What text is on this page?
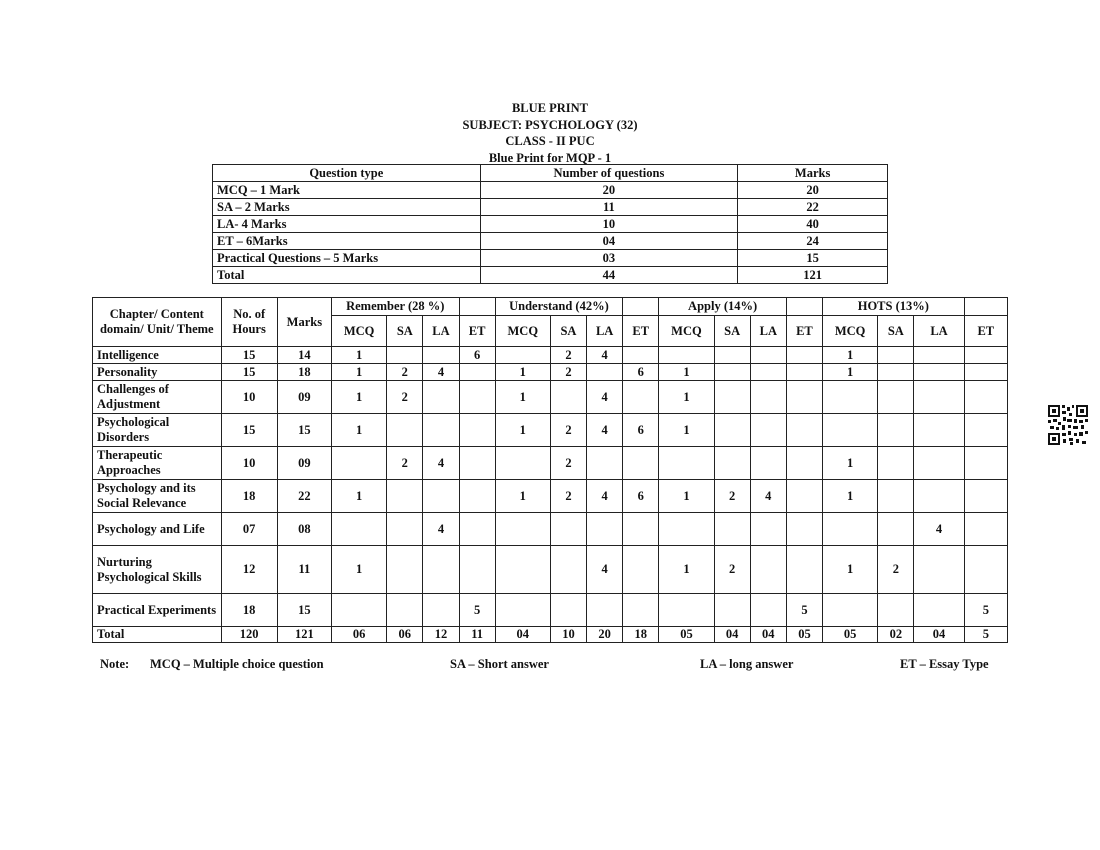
BLUE PRINT
SUBJECT: PSYCHOLOGY (32)
CLASS - II PUC
Blue Print for MQP - 1
Question type	Number of questions	Marks
MCQ – 1 Mark	20	20
SA – 2 Marks	11	22
LA- 4 Marks	10	40
ET – 6Marks	04	24
Practical Questions – 5 Marks	03	15
Total	44	121
Chapter/ Content domain/ Unit/ Theme	No. of Hours	Marks	Remember (28 %)				Understand (42%)				Apply (14%)				HOTS (13%)			
			MCQ	SA	LA	ET	MCQ	SA	LA	ET	MCQ	SA	LA	ET	MCQ	SA	LA	ET
Intelligence	15	14	1			6		2	4						1			
Personality	15	18	1	2	4		1	2		6	1				1			
Challenges of Adjustment	10	09	1	2			1		4		1							
Psychological Disorders	15	15	1				1	2	4	6	1							
Therapeutic Approaches	10	09		2	4			2							1			
Psychology and its Social Relevance	18	22	1				1	2	4	6	1	2	4		1			
Psychology and Life	07	08			4												4	
Nurturing Psychological Skills	12	11	1						4		1	2			1	2		
Practical Experiments	18	15				5								5				5
Total	120	121	06	06	12	11	04	10	20	18	05	04	04	05	05	02	04	5
Note: MCQ – Multiple choice question	SA – Short answer	LA – long answer	ET – Essay Type
